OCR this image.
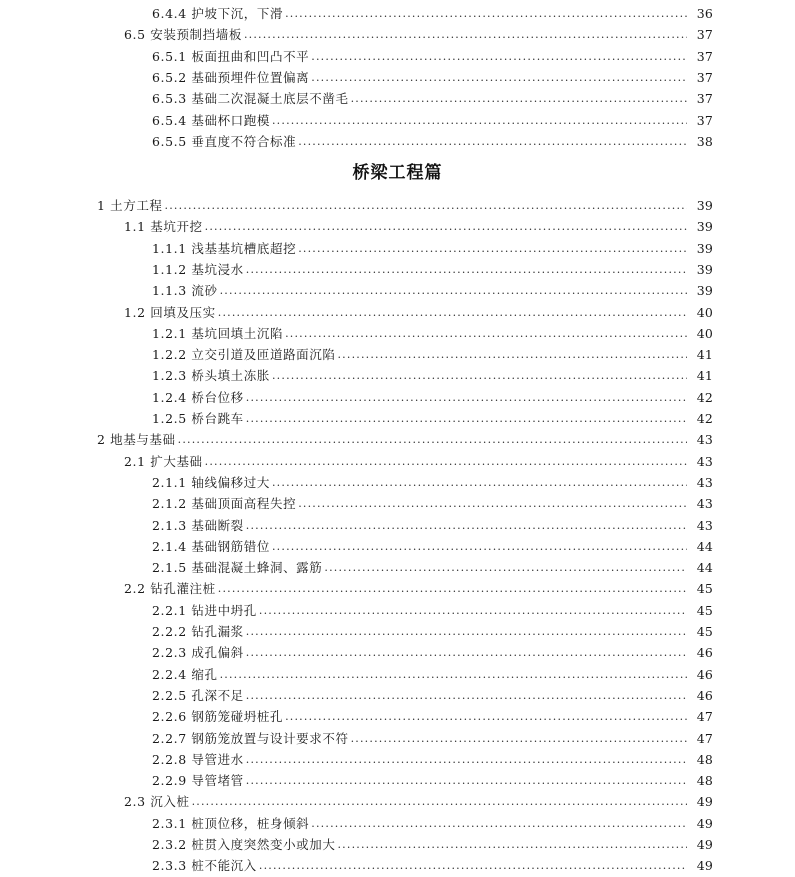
6.4.4 护坡下沉，下滑 .....	36
6.5 安装预制挡墙板 .....	37
6.5.1 板面扭曲和凹凸不平 .....	37
6.5.2 基础预埋件位置偏离 .....	37
6.5.3 基础二次混凝土底层不凿毛 .....	37
6.5.4 基础杯口跑模 .....	37
6.5.5 垂直度不符合标准 .....	38
桥梁工程篇
1 土方工程 .....	39
1.1 基坑开挖 .....	39
1.1.1 浅基基坑槽底超挖 .....	39
1.1.2 基坑浸水 .....	39
1.1.3 流砂 .....	39
1.2 回填及压实 .....	40
1.2.1 基坑回填土沉陷 .....	40
1.2.2 立交引道及匝道路面沉陷 .....	41
1.2.3 桥头填土冻胀 .....	41
1.2.4 桥台位移 .....	42
1.2.5 桥台跳车 .....	42
2 地基与基础 .....	43
2.1 扩大基础 .....	43
2.1.1 轴线偏移过大 .....	43
2.1.2 基础顶面高程失控 .....	43
2.1.3 基础断裂 .....	43
2.1.4 基础钢筋错位 .....	44
2.1.5 基础混凝土蜂洞、露筋 .....	44
2.2 钻孔灌注桩 .....	45
2.2.1 钻进中坍孔 .....	45
2.2.2 钻孔漏浆 .....	45
2.2.3 成孔偏斜 .....	46
2.2.4 缩孔 .....	46
2.2.5 孔深不足 .....	46
2.2.6 钢筋笼碰坍桩孔 .....	47
2.2.7 钢筋笼放置与设计要求不符 .....	47
2.2.8 导管进水 .....	48
2.2.9 导管堵管 .....	48
2.3 沉入桩 .....	49
2.3.1 桩顶位移，桩身倾斜 .....	49
2.3.2 桩贯入度突然变小或加大 .....	49
2.3.3 桩不能沉入 .....	49
